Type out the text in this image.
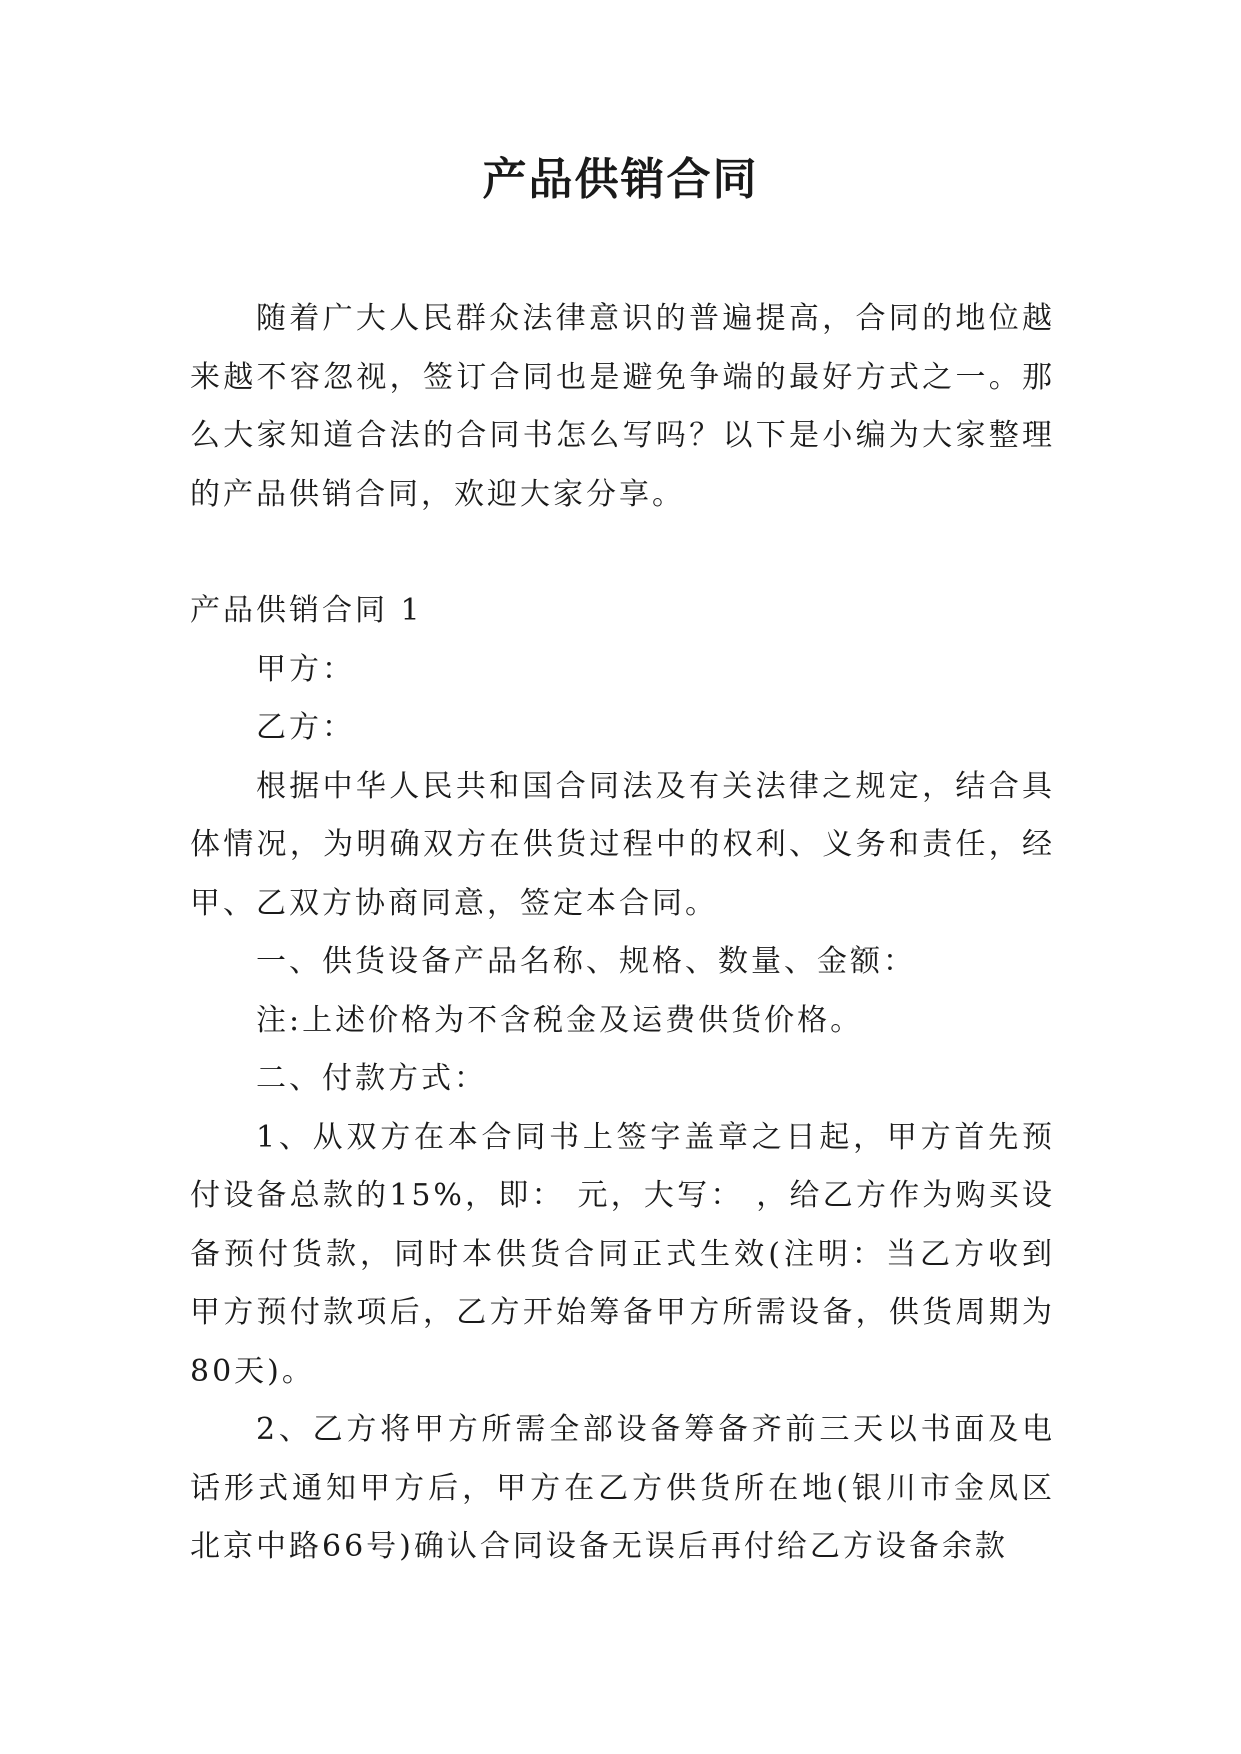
产品供销合同

随着广大人民群众法律意识的普遍提高，合同的地位越来越不容忽视，签订合同也是避免争端的最好方式之一。那么大家知道合法的合同书怎么写吗？以下是小编为大家整理的产品供销合同，欢迎大家分享。

产品供销合同 1

甲方：

乙方：

根据中华人民共和国合同法及有关法律之规定，结合具体情况，为明确双方在供货过程中的权利、义务和责任，经甲、乙双方协商同意，签定本合同。

一、供货设备产品名称、规格、数量、金额：

注:上述价格为不含税金及运费供货价格。

二、付款方式：

1、从双方在本合同书上签字盖章之日起，甲方首先预付设备总款的15%，即： 元，大写： ，给乙方作为购买设备预付货款，同时本供货合同正式生效(注明：当乙方收到甲方预付款项后，乙方开始筹备甲方所需设备，供货周期为80天)。

2、乙方将甲方所需全部设备筹备齐前三天以书面及电话形式通知甲方后，甲方在乙方供货所在地(银川市金凤区北京中路66号)确认合同设备无误后再付给乙方设备余款
